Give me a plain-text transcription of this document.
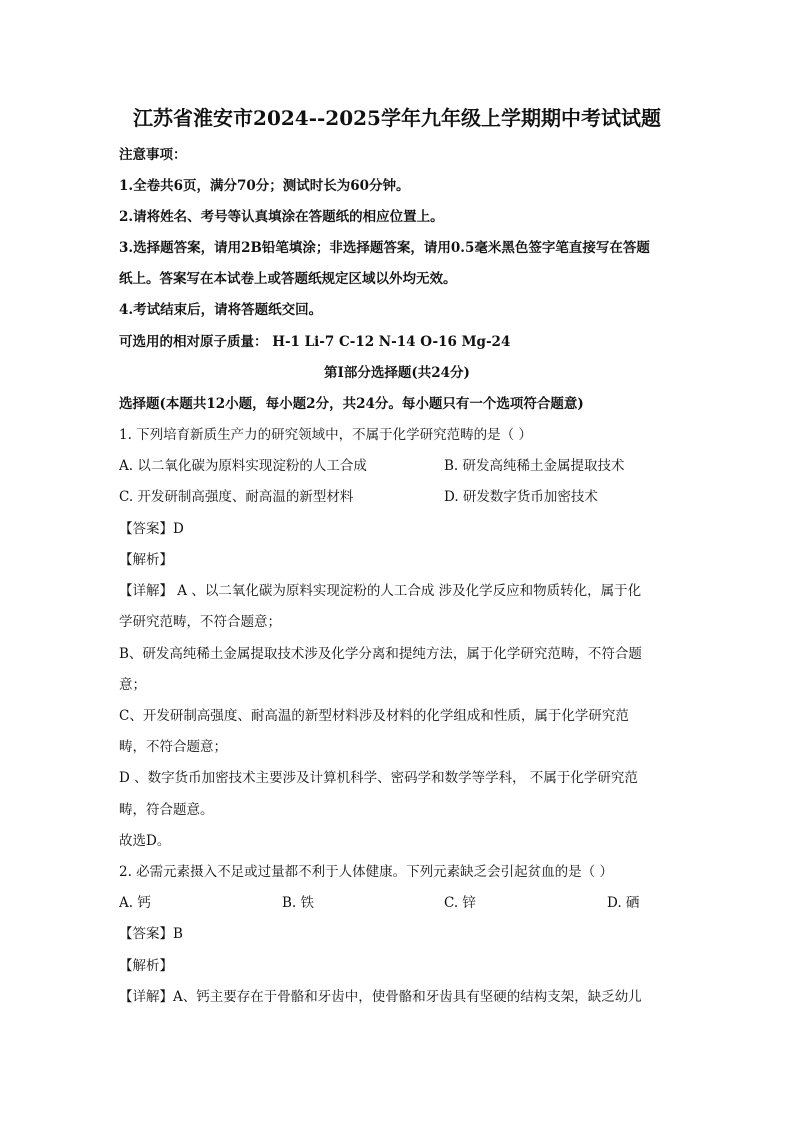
江苏省淮安市2024--2025学年九年级上学期期中考试试题
注意事项：
1.全卷共6页，满分70分；测试时长为60分钟。
2.请将姓名、考号等认真填涂在答题纸的相应位置上。
3.选择题答案，请用2B铅笔填涂；非选择题答案，请用0.5毫米黑色签字笔直接写在答题
纸上。答案写在本试卷上或答题纸规定区域以外均无效。
4.考试结束后，请将答题纸交回。
可选用的相对原子质量： H-1 Li-7 C-12 N-14 O-16 Mg-24
第I部分选择题(共24分)
选择题(本题共12小题，每小题2分，共24分。每小题只有一个选项符合题意)
1. 下列培育新质生产力的研究领域中，不属于化学研究范畴的是（ ）
A. 以二氧化碳为原料实现淀粉的人工合成	B. 研发高纯稀土金属提取技术
C. 开发研制高强度、耐高温的新型材料	D. 研发数字货币加密技术
【答案】D
【解析】
【详解】 A 、以二氧化碳为原料实现淀粉的人工合成 涉及化学反应和物质转化，属于化
学研究范畴，不符合题意；
B、研发高纯稀土金属提取技术涉及化学分离和提纯方法，属于化学研究范畴，不符合题
意；
C、开发研制高强度、耐高温的新型材料涉及材料的化学组成和性质，属于化学研究范
畴，不符合题意；
D 、数字货币加密技术主要涉及计算机科学、密码学和数学等学科， 不属于化学研究范
畴，符合题意。
故选D。
2. 必需元素摄入不足或过量都不利于人体健康。下列元素缺乏会引起贫血的是（ ）
A. 钙	B. 铁	C. 锌	D. 硒
【答案】B
【解析】
【详解】A、钙主要存在于骨骼和牙齿中，使骨骼和牙齿具有坚硬的结构支架，缺乏幼儿
